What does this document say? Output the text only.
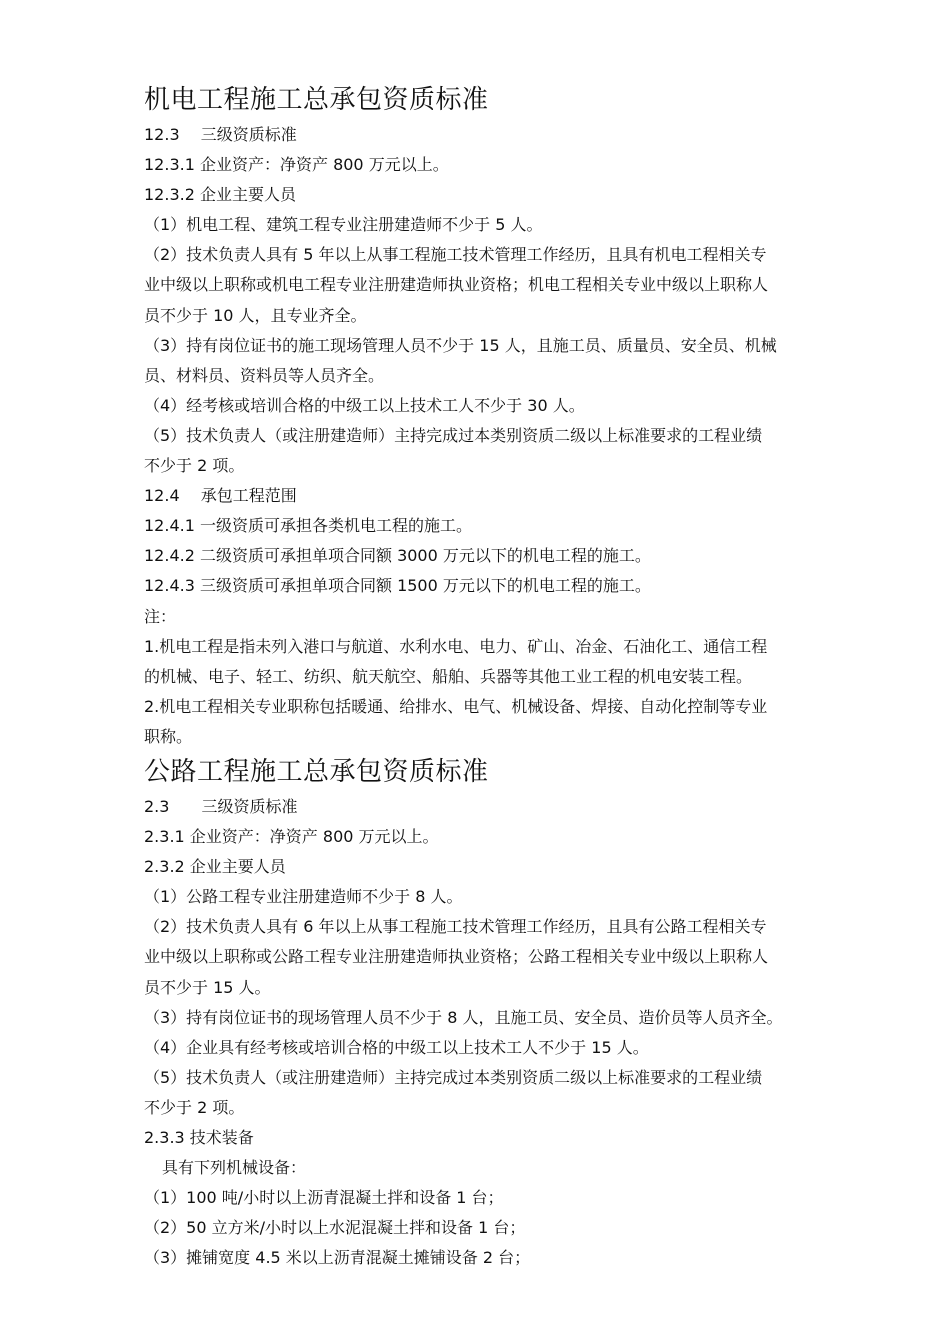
机电工程施工总承包资质标准

12.3　 三级资质标准

12.3.1 企业资产：净资产 800 万元以上。

12.3.2 企业主要人员

（1）机电工程、建筑工程专业注册建造师不少于 5 人。

（2）技术负责人具有 5 年以上从事工程施工技术管理工作经历，且具有机电工程相关专

业中级以上职称或机电工程专业注册建造师执业资格；机电工程相关专业中级以上职称人

员不少于 10 人，且专业齐全。

（3）持有岗位证书的施工现场管理人员不少于 15 人，且施工员、质量员、安全员、机械

员、材料员、资料员等人员齐全。

（4）经考核或培训合格的中级工以上技术工人不少于 30 人。

（5）技术负责人（或注册建造师）主持完成过本类别资质二级以上标准要求的工程业绩

不少于 2 项。

12.4　 承包工程范围

12.4.1 一级资质可承担各类机电工程的施工。

12.4.2 二级资质可承担单项合同额 3000 万元以下的机电工程的施工。

12.4.3 三级资质可承担单项合同额 1500 万元以下的机电工程的施工。

注：

1.机电工程是指未列入港口与航道、水利水电、电力、矿山、冶金、石油化工、通信工程

的机械、电子、轻工、纺织、航天航空、船舶、兵器等其他工业工程的机电安装工程。

2.机电工程相关专业职称包括暖通、给排水、电气、机械设备、焊接、自动化控制等专业

职称。

公路工程施工总承包资质标准

2.3　　三级资质标准

2.3.1 企业资产：净资产 800 万元以上。

2.3.2 企业主要人员

（1）公路工程专业注册建造师不少于 8 人。

（2）技术负责人具有 6 年以上从事工程施工技术管理工作经历，且具有公路工程相关专

业中级以上职称或公路工程专业注册建造师执业资格；公路工程相关专业中级以上职称人

员不少于 15 人。

（3）持有岗位证书的现场管理人员不少于 8 人，且施工员、安全员、造价员等人员齐全。

（4）企业具有经考核或培训合格的中级工以上技术工人不少于 15 人。

（5）技术负责人（或注册建造师）主持完成过本类别资质二级以上标准要求的工程业绩

不少于 2 项。

2.3.3 技术装备

具有下列机械设备：

（1）100 吨/小时以上沥青混凝土拌和设备 1 台；

（2）50 立方米/小时以上水泥混凝土拌和设备 1 台；

（3）摊铺宽度 4.5 米以上沥青混凝土摊铺设备 2 台；
